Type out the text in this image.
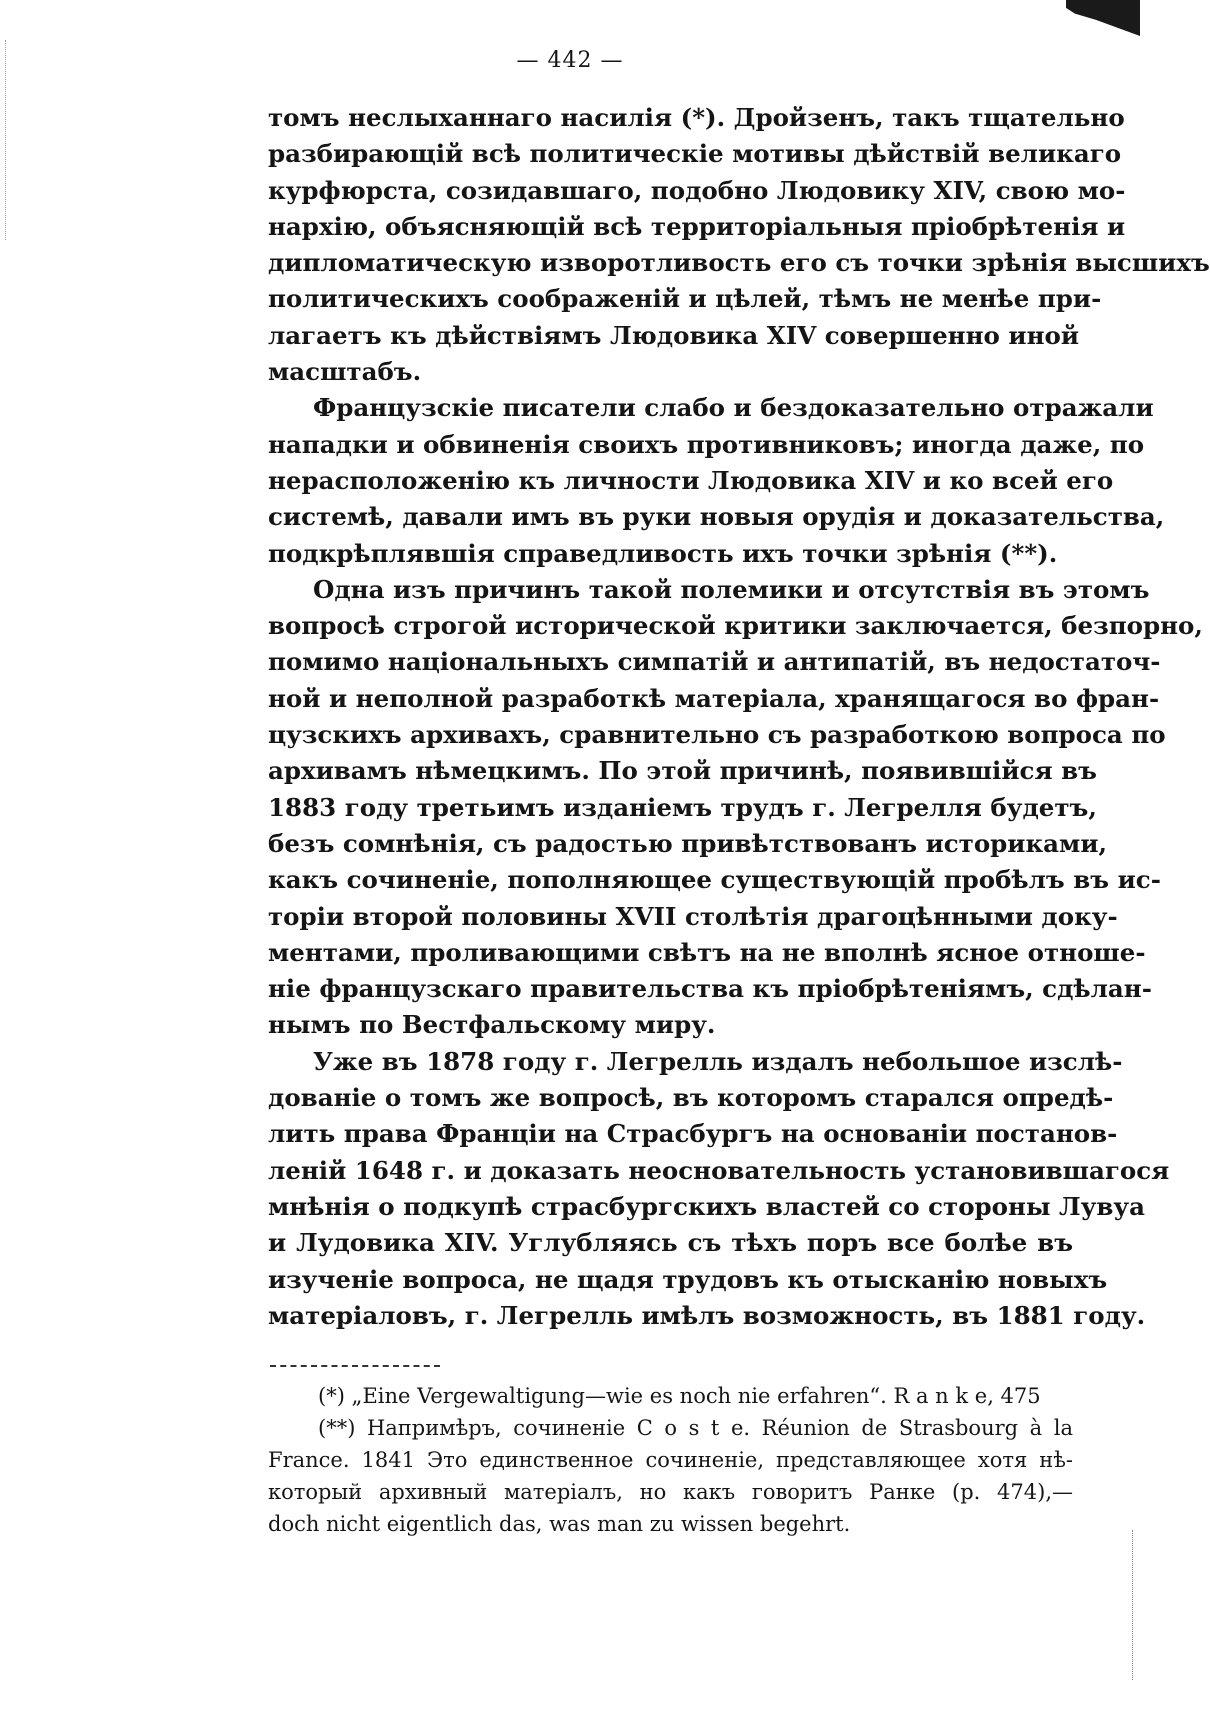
— 442 —
томъ неслыханнаго насилія (*). Дройзенъ, такъ тщательно
разбирающій всѣ политическіе мотивы дѣйствій великаго
курфюрста, созидавшаго, подобно Людовику XIV, свою мо-
нархію, объясняющій всѣ территоріальныя пріобрѣтенія и
дипломатическую изворотливость его съ точки зрѣнія высшихъ
политическихъ соображеній и цѣлей, тѣмъ не менѣе при-
лагаетъ къ дѣйствіямъ Людовика XIV совершенно иной
масштабъ.
Французскіе писатели слабо и бездоказательно отражали
нападки и обвиненія своихъ противниковъ; иногда даже, по
нерасположенію къ личности Людовика XIV и ко всей его
системѣ, давали имъ въ руки новыя орудія и доказательства,
подкрѣплявшія справедливость ихъ точки зрѣнія (**).
Одна изъ причинъ такой полемики и отсутствія въ этомъ
вопросѣ строгой исторической критики заключается, безпорно,
помимо національныхъ симпатій и антипатій, въ недостаточ-
ной и неполной разработкѣ матеріала, хранящагося во фран-
цузскихъ архивахъ, сравнительно съ разработкою вопроса по
архивамъ нѣмецкимъ. По этой причинѣ, появившійся въ
1883 году третьимъ изданіемъ трудъ г. Легрелля будетъ,
безъ сомнѣнія, съ радостью привѣтствованъ историками,
какъ сочиненіе, пополняющее существующій пробѣлъ въ ис-
торіи второй половины XVII столѣтія драгоцѣнными доку-
ментами, проливающими свѣтъ на не вполнѣ ясное отноше-
ніе французскаго правительства къ пріобрѣтеніямъ, сдѣлан-
нымъ по Вестфальскому миру.
Уже въ 1878 году г. Легрелль издалъ небольшое изслѣ-
дованіе о томъ же вопросѣ, въ которомъ старался опредѣ-
лить права Франціи на Страсбургъ на основаніи постанов-
леній 1648 г. и доказать неосновательность установившагося
мнѣнія о подкупѣ страсбургскихъ властей со стороны Лувуа
и Лудовика XIV. Углубляясь съ тѣхъ поръ все болѣе въ
изученіе вопроса, не щадя трудовъ къ отысканію новыхъ
матеріаловъ, г. Легрелль имѣлъ возможность, въ 1881 году.
(*) „Eine Vergewaltigung—wie es noch nie erfahren“. R a n k e, 475
(**) Напримѣръ, сочиненіе C o s t e. Réunion de Strasbourg à la
France. 1841 Это единственное сочиненіе, представляющее хотя нѣ-
который архивный матеріалъ, но какъ говоритъ Ранке (p. 474),—
doch nicht eigentlich das, was man zu wissen begehrt.
